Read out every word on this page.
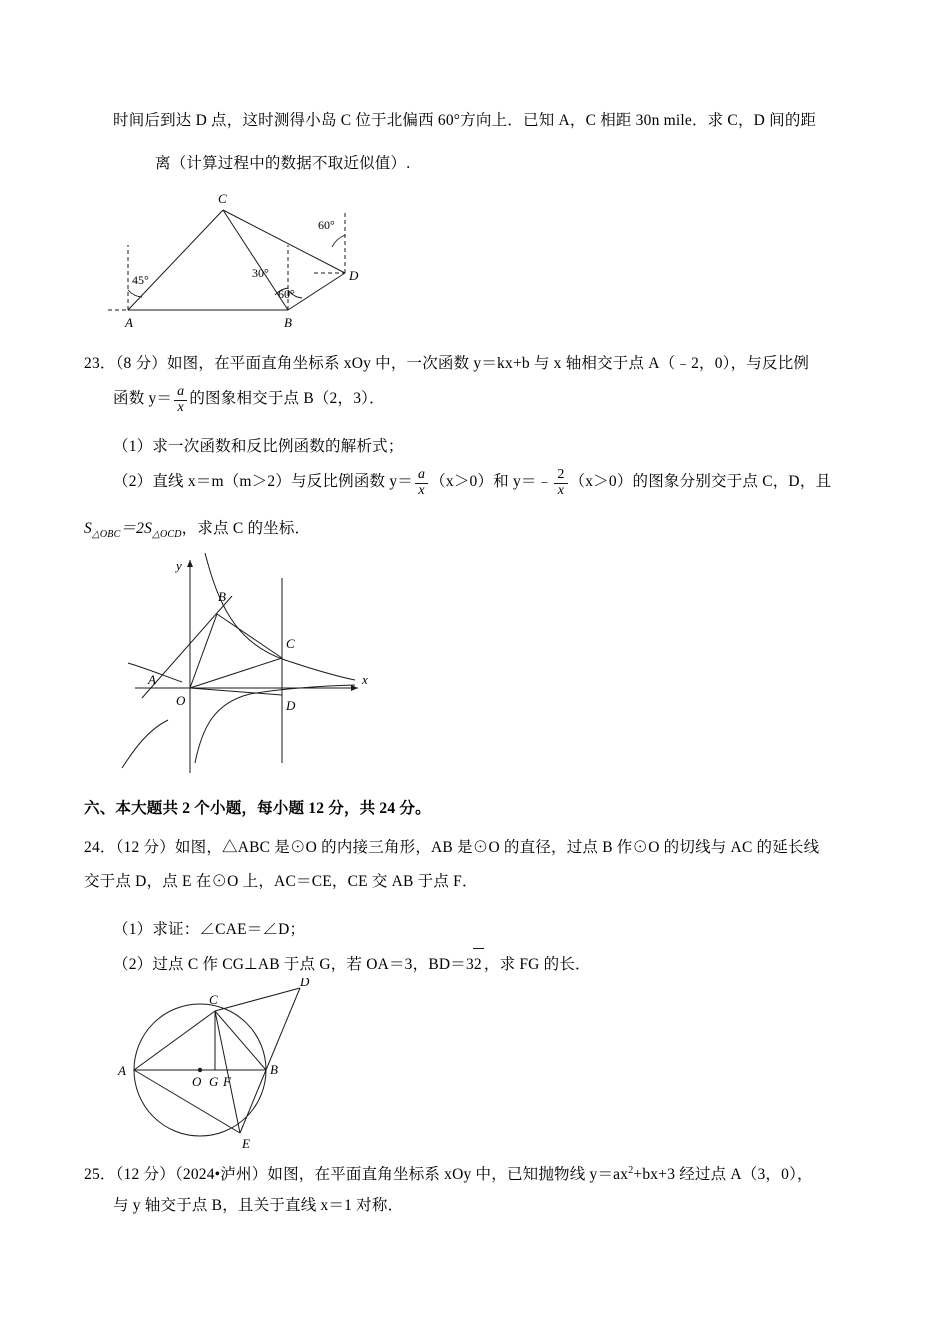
时间后到达 D 点，这时测得小岛 C 位于北偏西 60°方向上．已知 A，C 相距 30n mile．求 C，D 间的距
离（计算过程中的数据不取近似值）.
C
A	B
D
45°	30°
60°
60°
23．（8 分）如图，在平面直角坐标系 xOy 中，一次函数 y＝kx+b 与 x 轴相交于点 A（﹣2，0），与反比例
函数 $y= \frac{a}{x}$ 的图象相交于点 B（2，3）．
（1）求一次函数和反比例函数的解析式；
（2）直线 x＝m（m＞2）与反比例函数 $y= \frac{a}{x} (x>0)$和 y＝﹣ $\frac{2}{x} (x>0)$的图象分别交于点 C，D，且
$S_{\triangle OBC}=2S_{\triangle OCD}$，求点 C 的坐标．
y
x
A
B
C
D
O
六、本大题共 2 个小题，每小题 12 分，共 24 分。
24．（12 分）如图，△ABC 是⊙O 的内接三角形，AB 是⊙O 的直径，过点 B 作⊙O 的切线与 AC 的延长线
交于点 D，点 E 在⊙O 上，AC＝CE，CE 交 AB 于点 F．
（1）求证：∠CAE＝∠D；
（2）过点 C 作 CG⊥AB 于点 G，若 OA＝3，BD＝32 ，求 FG 的长．
D
C
A	B
E
O G F
25．（12 分）（2024•泸州）如图，在平面直角坐标系 xOy 中，已知抛物线 $y=ax^2+bx+3$ 经过点 A（3，0），
与 y 轴交于点 B，且关于直线 x＝1 对称．
